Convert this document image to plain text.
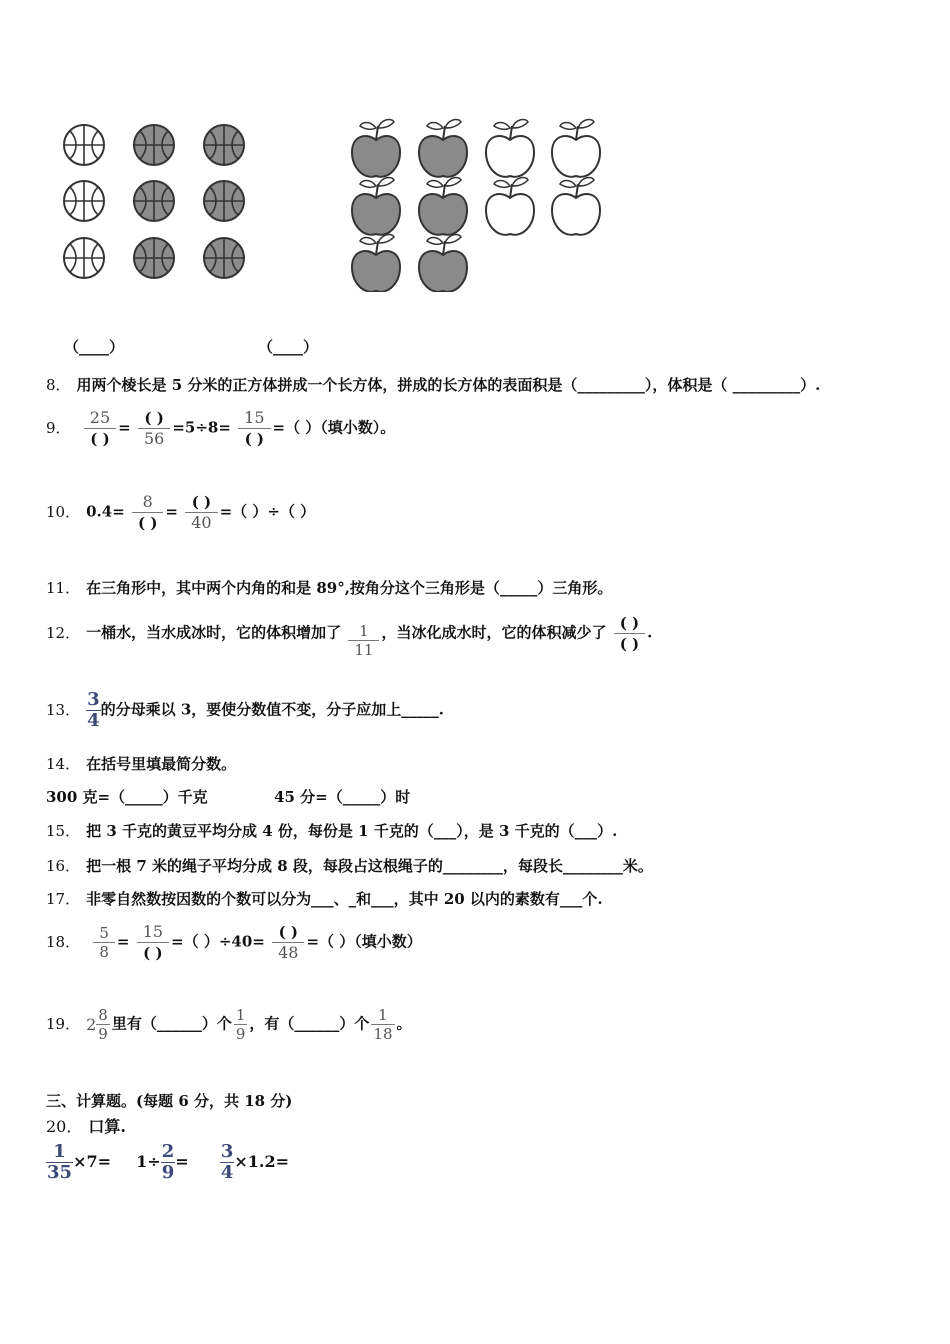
（____）	（____）
8． 用两个棱长是 5 分米的正方体拼成一个长方体，拼成的长方体的表面积是（_________），体积是（ _________）.
9． $\frac{25}{( )} = \frac{( )}{56} =5\div 8= \frac{15}{( )}$ =（ ）（填小数）。
10． $0.4= \frac{8}{( )} = \frac{( )}{40}$ =（ ）÷（ ）
11． 在三角形中，其中两个内角的和是 89°,按角分这个三角形是（_____）三角形。
12． 一桶水，当水成冰时，它的体积增加了 $\frac{1}{11}$ ，当冰化成水时，它的体积减少了 $\frac{( )}{( )}$ .
13． $\frac{3}{4}$ 的分母乘以 3，要使分数值不变，分子应加上_____.
14． 在括号里填最简分数。
300 克=（_____）千克	45 分=（_____）时
15． 把 3 千克的黄豆平均分成 4 份，每份是 1 千克的（___），是 3 千克的（___）.
16． 把一根 7 米的绳子平均分成 8 段，每段占这根绳子的________，每段长________米。
17． 非零自然数按因数的个数可以分为___、_和___，其中 20 以内的素数有___个.
18． $\frac{5}{8} = \frac{15}{( )}$ =（ ）$\div 40= \frac{( )}{48}$ =（ ）（填小数）
19． $2 \frac{8}{9}$ 里有（______）个 $\frac{1}{9}$ ，有（______）个 $\frac{1}{18}$ 。
三、计算题。(每题 6 分，共 18 分)
20． 口算.
$\frac{1}{35} \times 7= 1\div \frac{2}{9} = \frac{3}{4} \times 1.2=$
